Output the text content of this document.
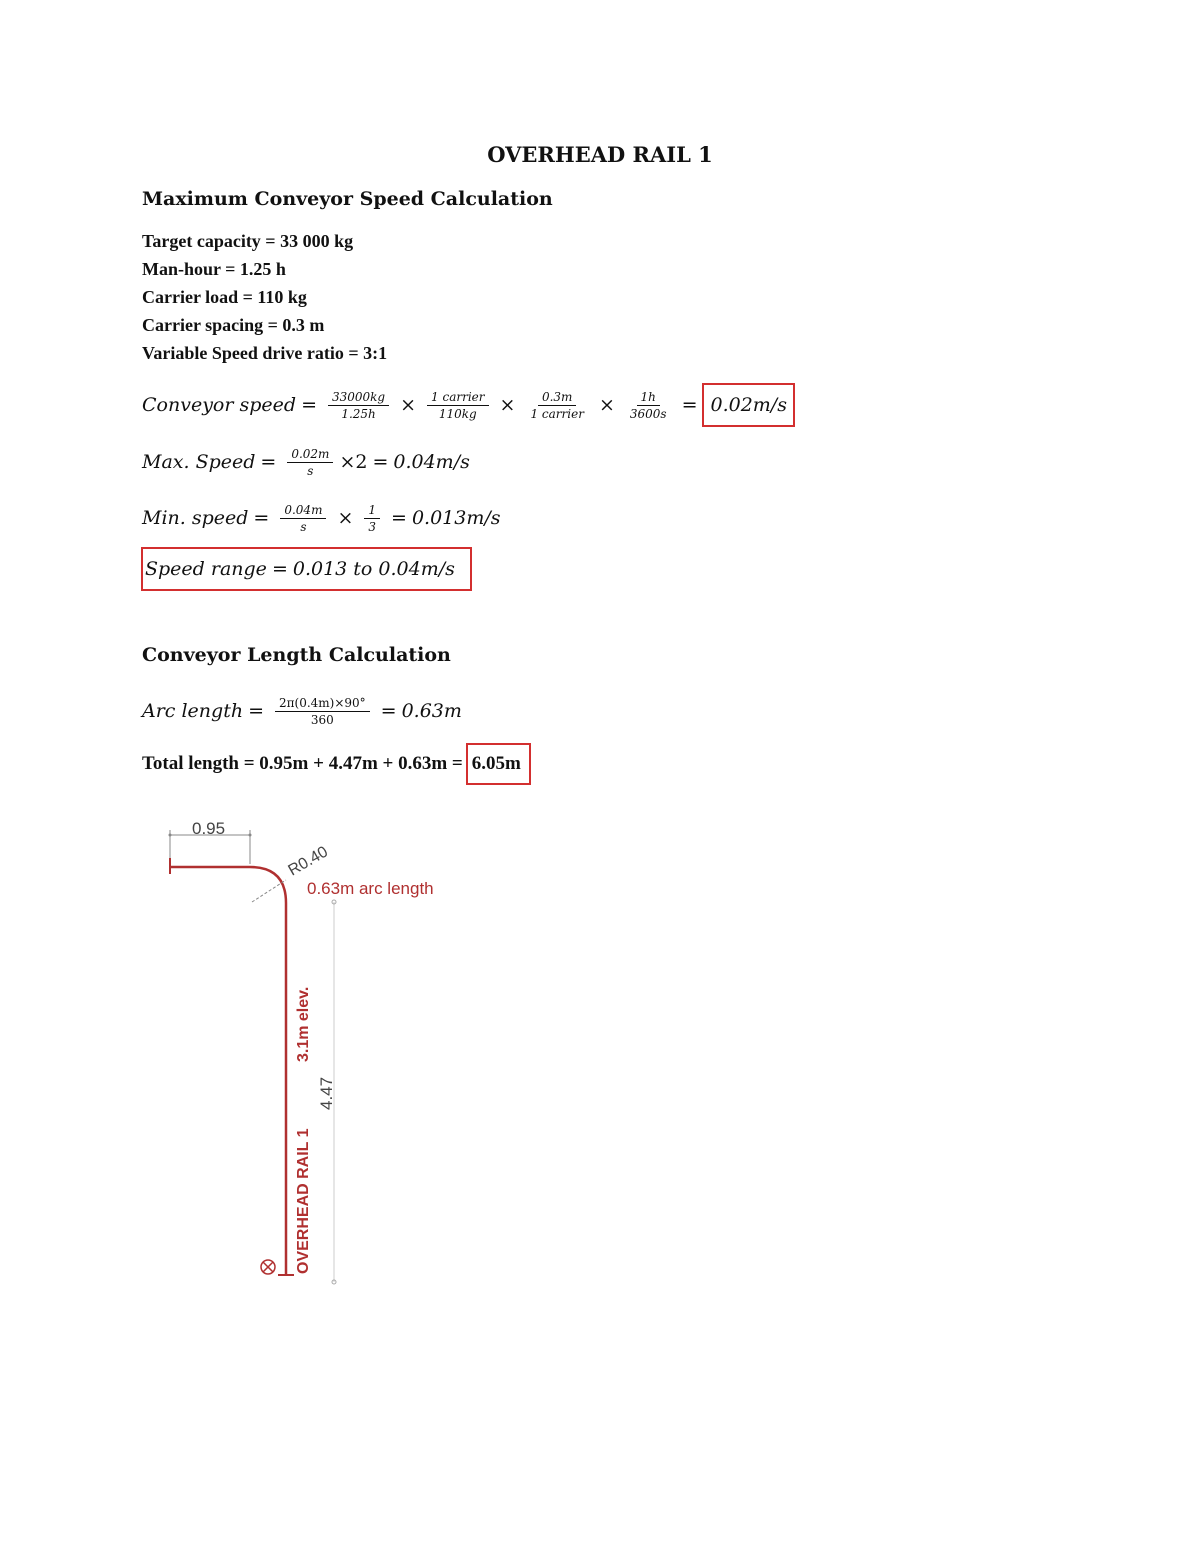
OVERHEAD RAIL 1
Maximum Conveyor Speed Calculation
Target capacity = 33 000 kg
Man-hour = 1.25 h
Carrier load = 110 kg
Carrier spacing = 0.3 m
Variable Speed drive ratio = 3:1
Conveyor speed = $\frac{33000kg}{1.25h} \times \frac{\text{1 carrier}}{110kg} \times \frac{0.3m}{\text{1 carrier}} \times \frac{1h}{3600s} = 0.02m/s$
Max. Speed = $\frac{0.02m}{s} \times 2 = 0.04m/s$
Min. speed = $\frac{0.04m}{s} \times \frac{1}{3} = 0.013m/s$
Speed range = 0.013 to 0.04m/s
Conveyor Length Calculation
Arc length = $\frac{2\pi(0.4m)\times 90^\circ}{360} = 0.63m$
Total length = 0.95m + 4.47m + 0.63m = 6.05m
0.95
R0.40
0.63m arc length
4.47
3.1m elev.
OVERHEAD RAIL 1
